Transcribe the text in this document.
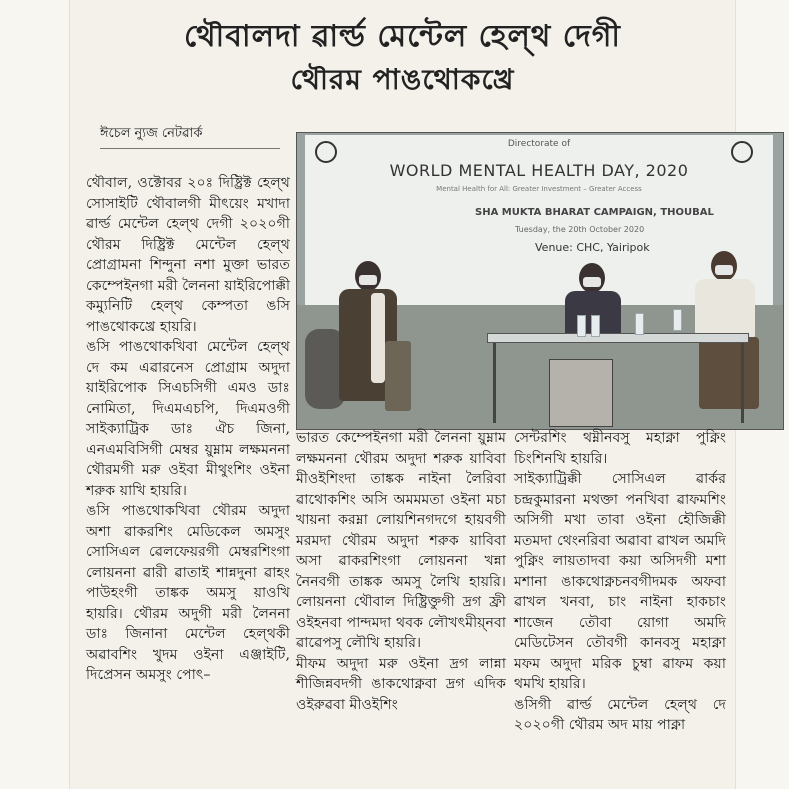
থৌবালদা ৱার্ল্ড মেন্টেল হেল্থ দেগী
থৌরম পাঙথোকখ্রে
ঈচেল ন্যুজ নেটৱার্ক
থৌবাল, ওক্টোবর ২০ঃ দিষ্ট্রিক্ট হেল্থ সোসাইটি থৌবালগী মীৎয়েং মখাদা ৱার্ল্ড মেন্টেল হেল্থ দেগী ২০২০গী থৌরম দিষ্ট্রিক্ট মেন্টেল হেল্থ প্রোগ্রামনা শিন্দুনা নশা মুক্তা ভারত কেম্পেইনগা মরী লৈননা য়াইরিপোক্কী কম্যুনিটি হেল্থ কেম্পতা ঙসি পাঙথোকখ্রে হায়রি।
ঙসি পাঙথোকখিবা মেন্টেল হেল্থ দে কম এৱারনেস প্রোগ্রাম অদুদা য়াইরিপোক সিএচসিগী এমও ডাঃ নোমিতা, দিএমএচপি, দিএমওগী সাইক্যাট্রিক ডাঃ ঐচ জিনা, এনএমবিসিগী মেম্বর য়ুম্নাম লক্ষমননা থৌরমগী মরু ওইবা মীথুংশিং ওইনা শরুক য়াখি হায়রি।
ঙসি পাঙথোকখিবা থৌরম অদুদা অশা ৱাকরশিং মেডিকেল অমসুং সোসিএল ৱেলফেয়রগী মেম্বরশিংগা লোয়ননা ৱারী ৱাতাই শান্নদুনা ৱাহং পাউহংগী তাঙ্কক অমসু য়াওখি হায়রি। থৌরম অদুগী মরী লৈননা ডাঃ জিনানা মেন্টেল হেল্থকী অৱাবশিং খুদম ওইনা এঞ্জাইটি, দিপ্রেসন অমসুং পোৎ–
Directorate of
WORLD MENTAL HEALTH DAY, 2020
Mental Health for All: Greater Investment – Greater Access
SHA MUKTA BHARAT CAMPAIGN, THOUBAL
Tuesday, the 20th October 2020
Venue: CHC, Yairipok
ভারত কেম্পেইনগা মরী লৈননা য়ুম্নাম লক্ষমননা থৌরম অদুদা শরুক য়াবিবা মীওইশিংদা তাঙ্কক নাইনা লৈরিবা ৱাথোকশিং অসি অমমমতা ওইনা মচা খায়না করম্না লোয়শিনগদগে হায়বগী মরমদা থৌরম অদুদা শরুক য়াবিবা অসা ৱাকরশিংগা লোয়ননা খন্না নৈনবগী তাঙ্কক অমসু লৈখি হায়রি। লোয়ননা থৌবাল দিষ্ট্রিক্তুগী দ্রগ ফ্রী ওইহনবা পান্দমদা থবক লৌখৎমীয়্নবা ৱাৱেপসু লৌখি হায়রি।
মীফম অদুদা মরু ওইনা দ্রগ লান্না শীজিন্নবদগী ঙাকথোক্নবা দ্রগ এদিক ওইরুৱবা মীওইশিং
সেন্টরশিং থম্নীনবসু মহাক্না পুক্নিং চিংশিনখি হায়রি।
সাইক্যাট্রিক্কী সোসিএল ৱার্কর চন্দ্রকুমারনা মথক্তা পনখিবা ৱাফমশিং অসিগী মখা তাবা ওইনা হৌজিক্কী মতমদা থেংনরিবা অৱাবা ৱাখল অমদি পুক্নিং লায়তাদবা কয়া অসিদগী মশা মশানা ঙাকথোক্নচনবগীদমক অফবা ৱাখল খনবা, চাং নাইনা হাকচাং শাজেন তৌবা য়োগা অমদি মেডিটেসন তৌবগী কানবসু মহাক্না মফম অদুদা মরিক চুম্বা ৱাফম কয়া থমখি হায়রি।
ঙসিগী ৱার্ল্ড মেন্টেল হেল্থ দে ২০২০গী থৌরম অদ মায় পাক্না
